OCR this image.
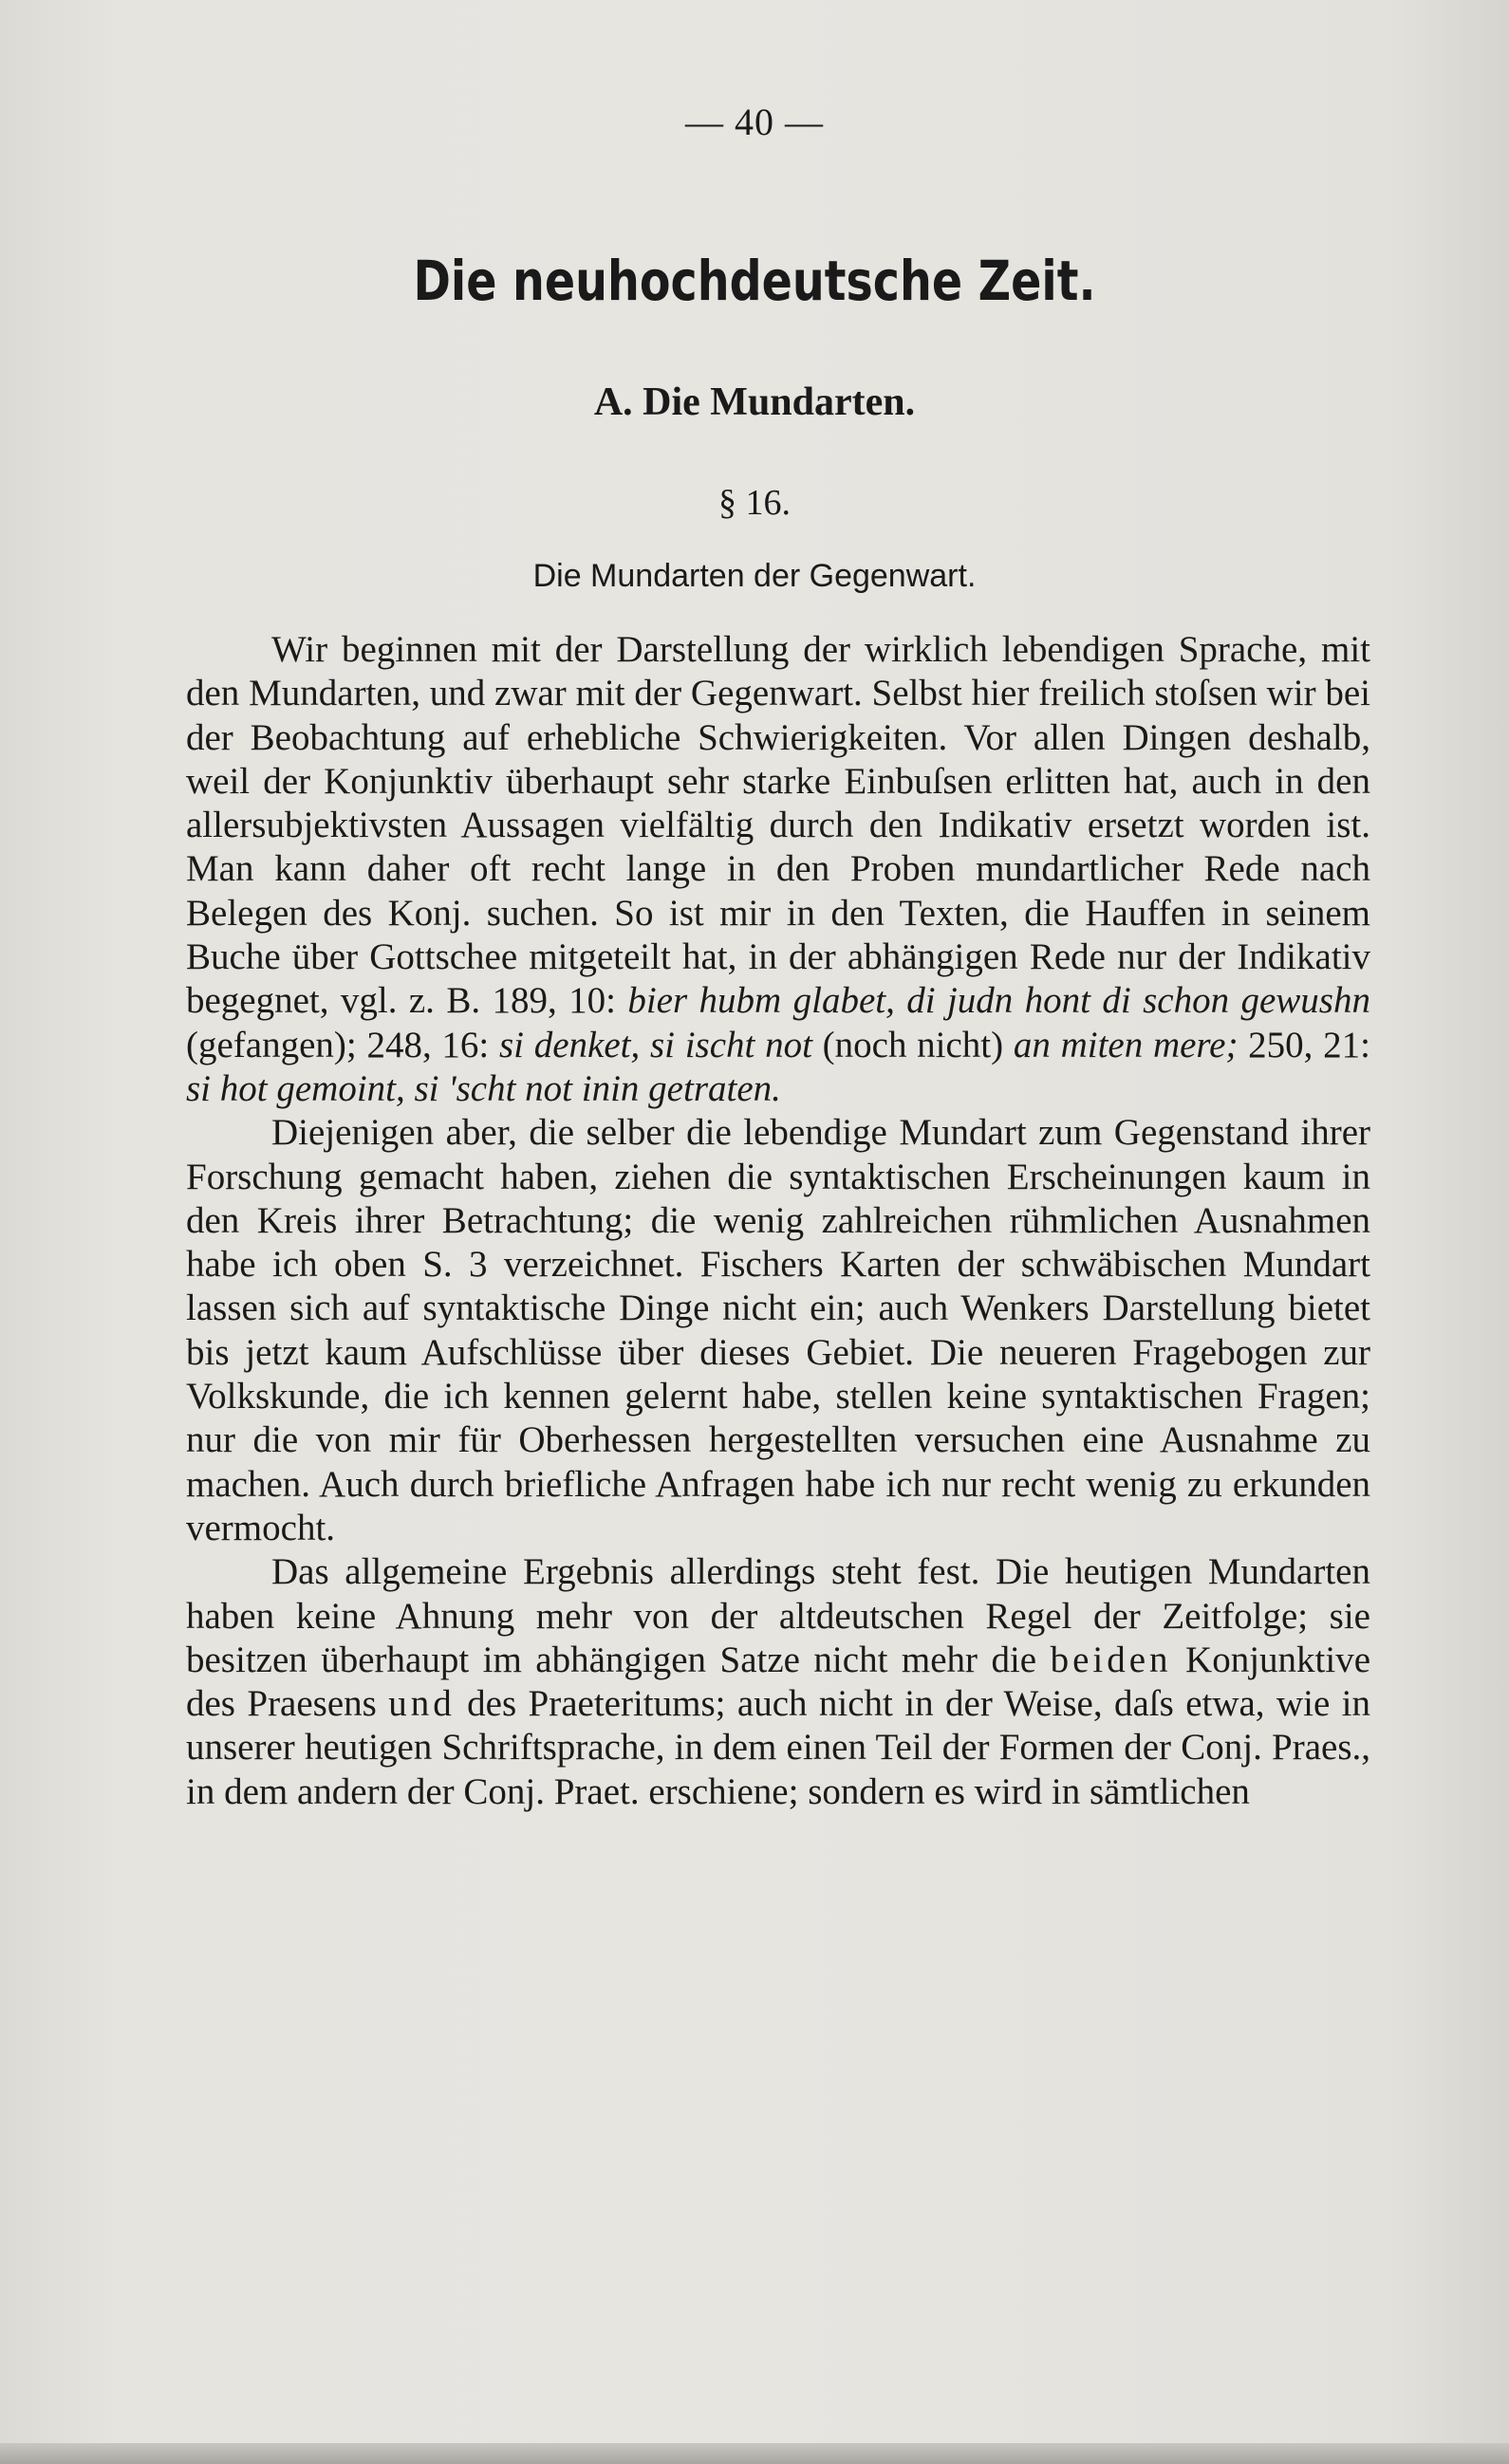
— 40 —
Die neuhochdeutsche Zeit.
A. Die Mundarten.
§ 16.
Die Mundarten der Gegenwart.

Wir beginnen mit der Darstellung der wirklich lebendigen Sprache, mit den Mundarten, und zwar mit der Gegenwart. Selbst hier freilich stoſsen wir bei der Beobachtung auf erhebliche Schwierigkeiten. Vor allen Dingen deshalb, weil der Konjunktiv überhaupt sehr starke Einbuſsen erlitten hat, auch in den allersubjektivsten Aussagen vielfältig durch den Indikativ ersetzt worden ist. Man kann daher oft recht lange in den Proben mundartlicher Rede nach Belegen des Konj. suchen. So ist mir in den Texten, die Hauffen in seinem Buche über Gottschee mitgeteilt hat, in der abhängigen Rede nur der Indikativ begegnet, vgl. z. B. 189, 10: bier hubm glabet, di judn hont di schon gewushn (gefangen); 248, 16: si denket, si ischt not (noch nicht) an miten mere; 250, 21: si hot gemoint, si 'scht not inin getraten.

Diejenigen aber, die selber die lebendige Mundart zum Gegenstand ihrer Forschung gemacht haben, ziehen die syntaktischen Erscheinungen kaum in den Kreis ihrer Betrachtung; die wenig zahlreichen rühmlichen Ausnahmen habe ich oben S. 3 verzeichnet. Fischers Karten der schwäbischen Mundart lassen sich auf syntaktische Dinge nicht ein; auch Wenkers Darstellung bietet bis jetzt kaum Aufschlüsse über dieses Gebiet. Die neueren Fragebogen zur Volkskunde, die ich kennen gelernt habe, stellen keine syntaktischen Fragen; nur die von mir für Oberhessen hergestellten versuchen eine Ausnahme zu machen. Auch durch briefliche Anfragen habe ich nur recht wenig zu erkunden vermocht.

Das allgemeine Ergebnis allerdings steht fest. Die heutigen Mundarten haben keine Ahnung mehr von der altdeutschen Regel der Zeitfolge; sie besitzen überhaupt im abhängigen Satze nicht mehr die beiden Konjunktive des Praesens und des Praeteritums; auch nicht in der Weise, daſs etwa, wie in unserer heutigen Schriftsprache, in dem einen Teil der Formen der Conj. Praes., in dem andern der Conj. Praet. erschiene; sondern es wird in sämtlichen
